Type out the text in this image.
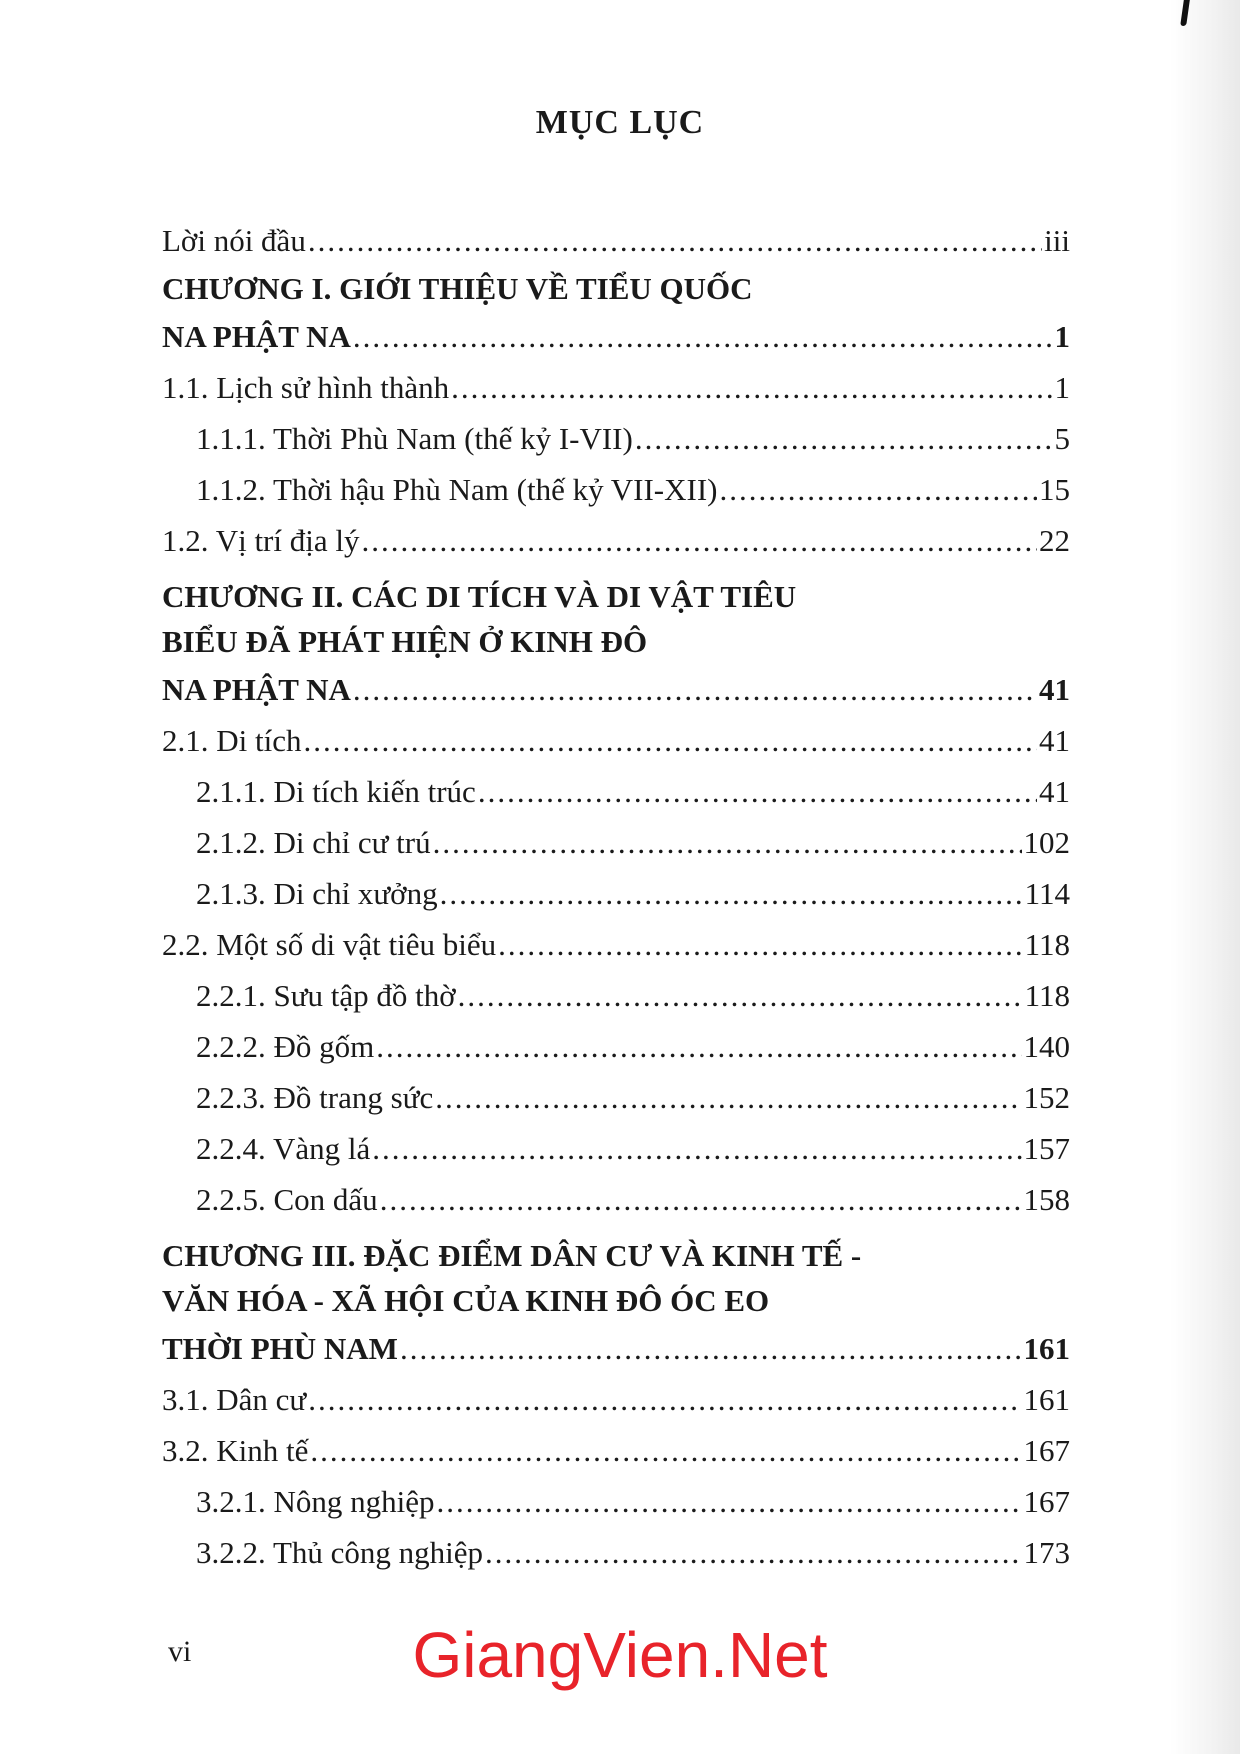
MỤC LỤC
Lời nói đầu .....	iii
CHƯƠNG I. GIỚI THIỆU VỀ TIỂU QUỐC
NA PHẬT NA .....	1
1.1. Lịch sử hình thành .....	1
1.1.1. Thời Phù Nam (thế kỷ I-VII) .....	5
1.1.2. Thời hậu Phù Nam (thế kỷ VII-XII) .....	15
1.2. Vị trí địa lý .....	22
CHƯƠNG II. CÁC DI TÍCH VÀ DI VẬT TIÊU
BIỂU ĐÃ PHÁT HIỆN Ở KINH ĐÔ
NA PHẬT NA .....	41
2.1. Di tích .....	41
2.1.1. Di tích kiến trúc .....	41
2.1.2. Di chỉ cư trú .....	102
2.1.3. Di chỉ xưởng .....	114
2.2. Một số di vật tiêu biểu .....	118
2.2.1. Sưu tập đồ thờ .....	118
2.2.2. Đồ gốm .....	140
2.2.3. Đồ trang sức .....	152
2.2.4. Vàng lá .....	157
2.2.5. Con dấu .....	158
CHƯƠNG III. ĐẶC ĐIỂM DÂN CƯ VÀ KINH TẾ -
VĂN HÓA - XÃ HỘI CỦA KINH ĐÔ ÓC EO
THỜI PHÙ NAM .....	161
3.1. Dân cư .....	161
3.2. Kinh tế .....	167
3.2.1. Nông nghiệp .....	167
3.2.2. Thủ công nghiệp .....	173
vi	GiangVien.Net
